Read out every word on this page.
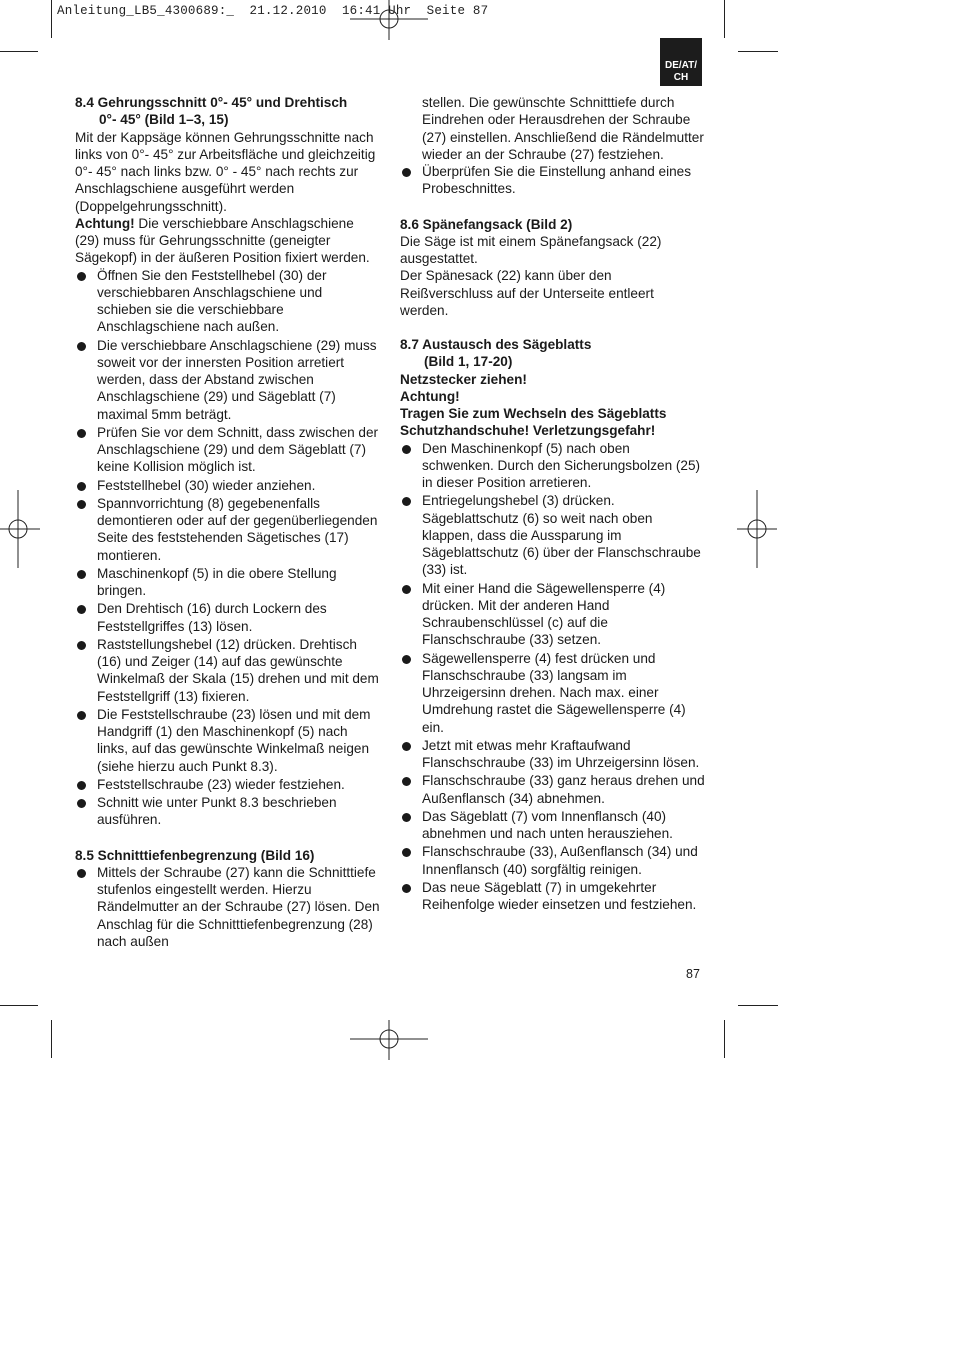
Anleitung_LB5_4300689:_  21.12.2010  16:41 Uhr  Seite 87
DE/AT/
CH

8.4 Gehrungsschnitt 0°- 45° und Drehtisch
0°- 45° (Bild 1–3, 15)

Mit der Kappsäge können Gehrungsschnitte nach links von 0°- 45° zur Arbeitsfläche und gleichzeitig 0°- 45° nach links bzw. 0° - 45° nach rechts zur Anschlagschiene ausgeführt werden (Doppelgehrungsschnitt).

Achtung! Die verschiebbare Anschlagschiene (29) muss für Gehrungsschnitte (geneigter Sägekopf) in der äußeren Position fixiert werden.

Öffnen Sie den Feststellhebel (30) der verschiebbaren Anschlagschiene und schieben sie die verschiebbare Anschlagschiene nach außen.
Die verschiebbare Anschlagschiene (29) muss soweit vor der innersten Position arretiert werden, dass der Abstand zwischen Anschlagschiene (29) und Sägeblatt (7) maximal 5mm beträgt.
Prüfen Sie vor dem Schnitt, dass zwischen der Anschlagschiene (29) und dem Sägeblatt (7) keine Kollision möglich ist.
Feststellhebel (30) wieder anziehen.
Spannvorrichtung (8) gegebenenfalls demontieren oder auf der gegenüberliegenden Seite des feststehenden Sägetisches (17) montieren.
Maschinenkopf (5) in die obere Stellung bringen.
Den Drehtisch (16) durch Lockern des Feststellgriffes (13) lösen.
Raststellungshebel (12) drücken. Drehtisch (16) und Zeiger (14) auf das gewünschte Winkelmaß der Skala (15) drehen und mit dem Feststellgriff (13) fixieren.
Die Feststellschraube (23) lösen und mit dem Handgriff (1) den Maschinenkopf (5) nach links, auf das gewünschte Winkelmaß neigen (siehe hierzu auch Punkt 8.3).
Feststellschraube (23) wieder festziehen.
Schnitt wie unter Punkt 8.3 beschrieben ausführen.

8.5 Schnitttiefenbegrenzung (Bild 16)

Mittels der Schraube (27) kann die Schnitttiefe stufenlos eingestellt werden. Hierzu Rändelmutter an der Schraube (27) lösen. Den Anschlag für die Schnitttiefenbegrenzung (28) nach außen

stellen. Die gewünschte Schnitttiefe durch Eindrehen oder Herausdrehen der Schraube (27) einstellen. Anschließend die Rändelmutter wieder an der Schraube (27) festziehen.

Überprüfen Sie die Einstellung anhand eines Probeschnittes.

8.6 Spänefangsack (Bild 2)

Die Säge ist mit einem Spänefangsack (22) ausgestattet.

Der Spänesack (22) kann über den Reißverschluss auf der Unterseite entleert werden.

8.7 Austausch des Sägeblatts
(Bild 1, 17-20)

Netzstecker ziehen!

Achtung!

Tragen Sie zum Wechseln des Sägeblatts Schutzhandschuhe! Verletzungsgefahr!

Den Maschinenkopf (5) nach oben schwenken. Durch den Sicherungsbolzen (25) in dieser Position arretieren.
Entriegelungshebel (3) drücken. Sägeblattschutz (6) so weit nach oben klappen, dass die Aussparung im Sägeblattschutz (6) über der Flanschschraube (33) ist.
Mit einer Hand die Sägewellensperre (4) drücken. Mit der anderen Hand Schraubenschlüssel (c) auf die Flanschschraube (33) setzen.
Sägewellensperre (4) fest drücken und Flanschschraube (33) langsam im Uhrzeigersinn drehen. Nach max. einer Umdrehung rastet die Sägewellensperre (4) ein.
Jetzt mit etwas mehr Kraftaufwand Flanschschraube (33) im Uhrzeigersinn lösen.
Flanschschraube (33) ganz heraus drehen und Außenflansch (34) abnehmen.
Das Sägeblatt (7) vom Innenflansch (40) abnehmen und nach unten herausziehen.
Flanschschraube (33), Außenflansch (34) und Innenflansch (40) sorgfältig reinigen.
Das neue Sägeblatt (7) in umgekehrter Reihenfolge wieder einsetzen und festziehen.
87
